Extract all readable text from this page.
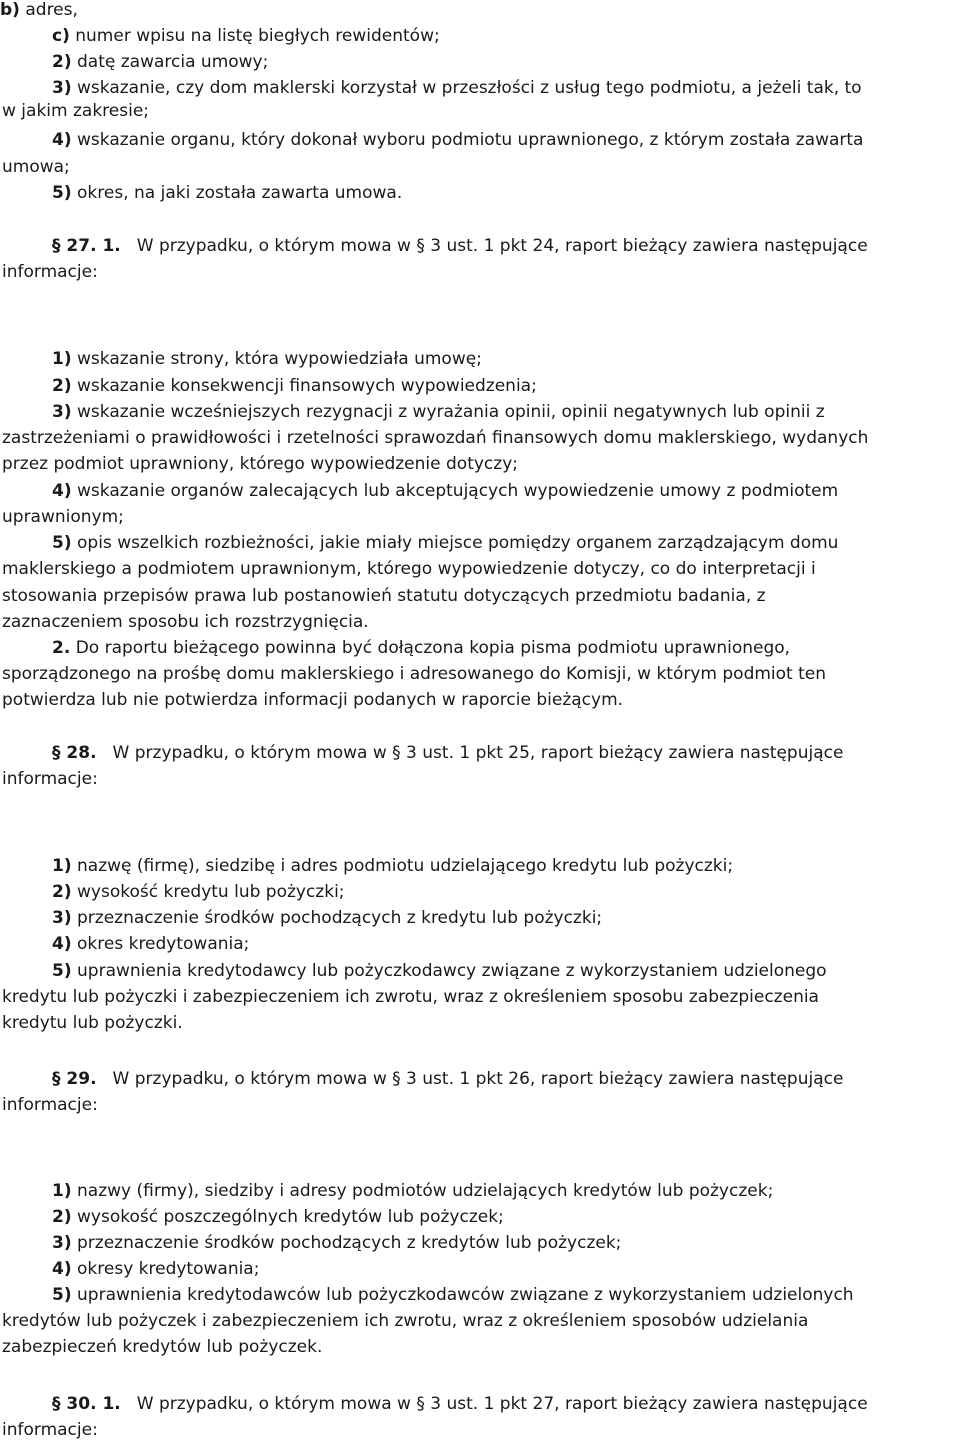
b) adres,

c) numer wpisu na listę biegłych rewidentów;

2) datę zawarcia umowy;

3) wskazanie, czy dom maklerski korzystał w przeszłości z usług tego podmiotu, a jeżeli tak, to

w jakim zakresie;

4) wskazanie organu, który dokonał wyboru podmiotu uprawnionego, z którym została zawarta

umowa;

5) okres, na jaki została zawarta umowa.

§ 27. 1. W przypadku, o którym mowa w § 3 ust. 1 pkt 24, raport bieżący zawiera następujące

informacje:

1) wskazanie strony, która wypowiedziała umowę;

2) wskazanie konsekwencji finansowych wypowiedzenia;

3) wskazanie wcześniejszych rezygnacji z wyrażania opinii, opinii negatywnych lub opinii z

zastrzeżeniami o prawidłowości i rzetelności sprawozdań finansowych domu maklerskiego, wydanych

przez podmiot uprawniony, którego wypowiedzenie dotyczy;

4) wskazanie organów zalecających lub akceptujących wypowiedzenie umowy z podmiotem

uprawnionym;

5) opis wszelkich rozbieżności, jakie miały miejsce pomiędzy organem zarządzającym domu

maklerskiego a podmiotem uprawnionym, którego wypowiedzenie dotyczy, co do interpretacji i

stosowania przepisów prawa lub postanowień statutu dotyczących przedmiotu badania, z

zaznaczeniem sposobu ich rozstrzygnięcia.

2. Do raportu bieżącego powinna być dołączona kopia pisma podmiotu uprawnionego,

sporządzonego na prośbę domu maklerskiego i adresowanego do Komisji, w którym podmiot ten

potwierdza lub nie potwierdza informacji podanych w raporcie bieżącym.

§ 28. W przypadku, o którym mowa w § 3 ust. 1 pkt 25, raport bieżący zawiera następujące

informacje:

1) nazwę (firmę), siedzibę i adres podmiotu udzielającego kredytu lub pożyczki;

2) wysokość kredytu lub pożyczki;

3) przeznaczenie środków pochodzących z kredytu lub pożyczki;

4) okres kredytowania;

5) uprawnienia kredytodawcy lub pożyczkodawcy związane z wykorzystaniem udzielonego

kredytu lub pożyczki i zabezpieczeniem ich zwrotu, wraz z określeniem sposobu zabezpieczenia

kredytu lub pożyczki.

§ 29. W przypadku, o którym mowa w § 3 ust. 1 pkt 26, raport bieżący zawiera następujące

informacje:

1) nazwy (firmy), siedziby i adresy podmiotów udzielających kredytów lub pożyczek;

2) wysokość poszczególnych kredytów lub pożyczek;

3) przeznaczenie środków pochodzących z kredytów lub pożyczek;

4) okresy kredytowania;

5) uprawnienia kredytodawców lub pożyczkodawców związane z wykorzystaniem udzielonych

kredytów lub pożyczek i zabezpieczeniem ich zwrotu, wraz z określeniem sposobów udzielania

zabezpieczeń kredytów lub pożyczek.

§ 30. 1. W przypadku, o którym mowa w § 3 ust. 1 pkt 27, raport bieżący zawiera następujące

informacje:
